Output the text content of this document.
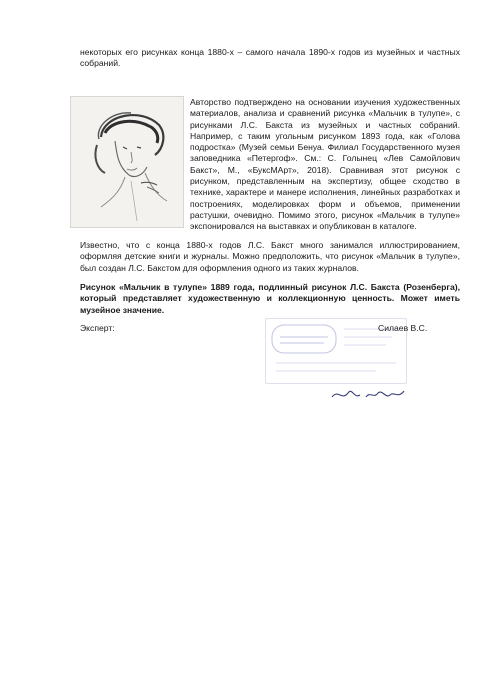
некоторых его рисунках конца 1880-х – самого начала 1890-х годов из музейных и частных собраний.

Авторство подтверждено на основании изучения художественных материалов, анализа и сравнений рисунка «Мальчик в тулупе», с рисунками Л.С. Бакста из музейных и частных собраний. Например, с таким угольным рисунком 1893 года, как «Голова подростка» (Музей семьи Бенуа. Филиал Государственного музея заповедника «Петергоф». См.: С. Голынец «Лев Самойлович Бакст», М., «БуксМАрт», 2018). Сравнивая этот рисунок с рисунком, представленным на экспертизу, общее сходство в технике, характере и манере исполнения, линейных разработках и построениях, моделировках форм и объемов, применении растушки, очевидно. Помимо этого, рисунок «Мальчик в тулупе» экспонировался на выставках и опубликован в каталоге.

Известно, что с конца 1880-х годов Л.С. Бакст много занимался иллюстрированием, оформляя детские книги и журналы. Можно предположить, что рисунок «Мальчик в тулупе», был создан Л.С. Бакстом для оформления одного из таких журналов.

Рисунок «Мальчик в тулупе» 1889 года, подлинный рисунок Л.С. Бакста (Розенберга), который представляет художественную и коллекционную ценность. Может иметь музейное значение.

Эксперт:	Силаев В.С.
